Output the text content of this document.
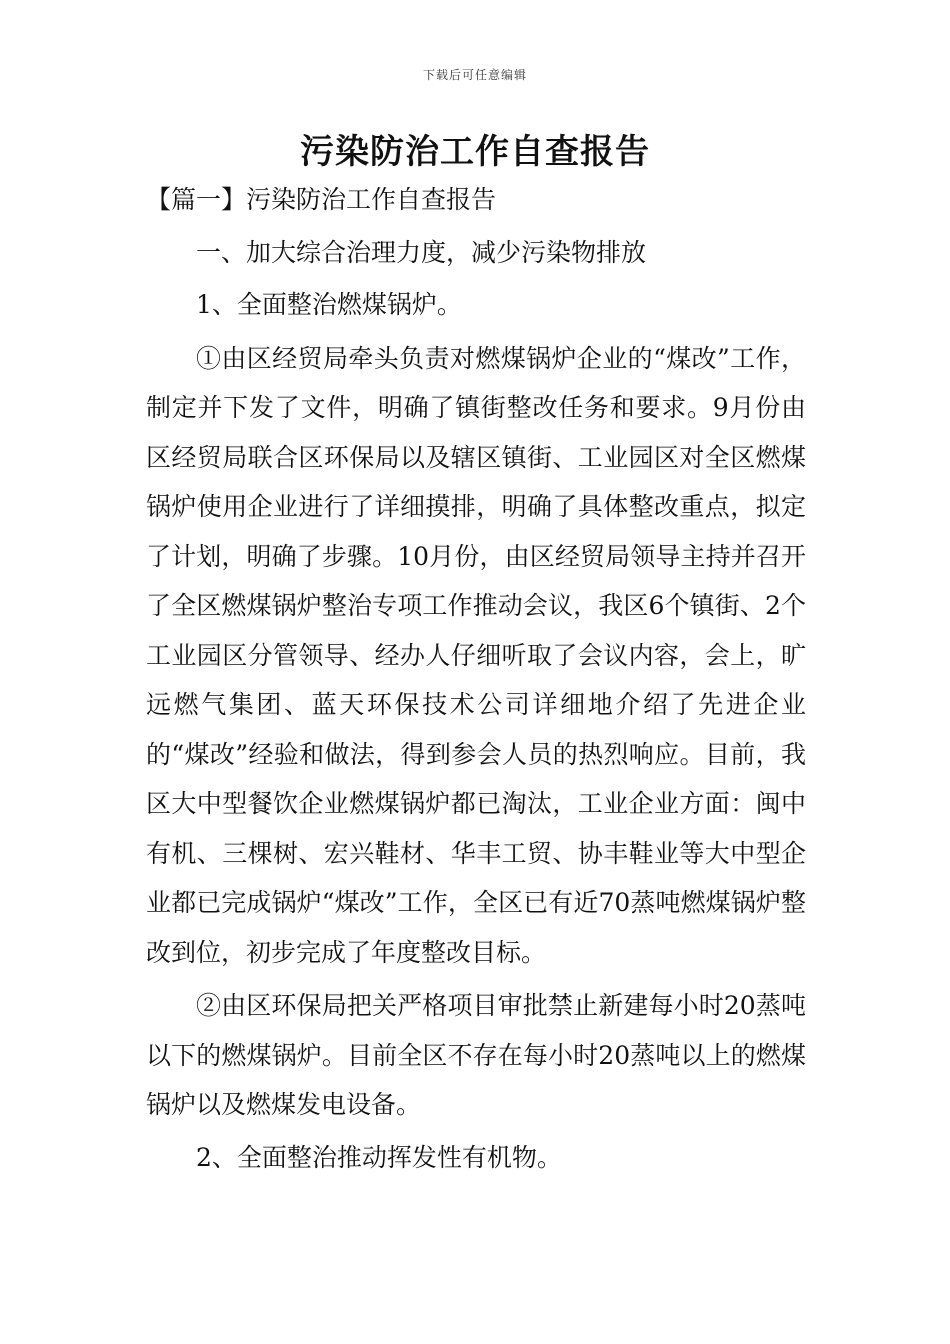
下载后可任意编辑
污染防治工作自查报告

【篇一】污染防治工作自查报告

一、加大综合治理力度，减少污染物排放

1、全面整治燃煤锅炉。

①由区经贸局牵头负责对燃煤锅炉企业的“煤改”工作，制定并下发了文件，明确了镇街整改任务和要求。9月份由区经贸局联合区环保局以及辖区镇街、工业园区对全区燃煤锅炉使用企业进行了详细摸排，明确了具体整改重点，拟定了计划，明确了步骤。10月份，由区经贸局领导主持并召开了全区燃煤锅炉整治专项工作推动会议，我区6个镇街、2个工业园区分管领导、经办人仔细听取了会议内容，会上，旷远燃气集团、蓝天环保技术公司详细地介绍了先进企业的“煤改”经验和做法，得到参会人员的热烈响应。目前，我区大中型餐饮企业燃煤锅炉都已淘汰，工业企业方面：闽中有机、三棵树、宏兴鞋材、华丰工贸、协丰鞋业等大中型企业都已完成锅炉“煤改”工作，全区已有近70蒸吨燃煤锅炉整改到位，初步完成了年度整改目标。

②由区环保局把关严格项目审批禁止新建每小时20蒸吨以下的燃煤锅炉。目前全区不存在每小时20蒸吨以上的燃煤锅炉以及燃煤发电设备。

2、全面整治推动挥发性有机物。
